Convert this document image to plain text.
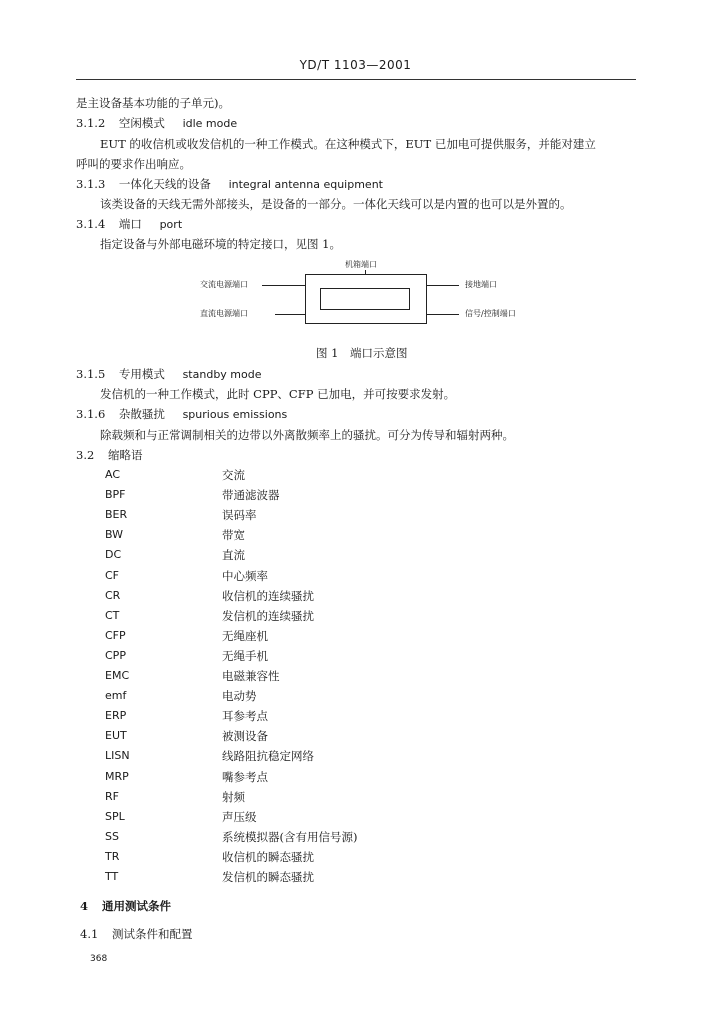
YD/T 1103—2001
是主设备基本功能的子单元)。
3.1.2 空闲模式 idle mode
EUT 的收信机或收发信机的一种工作模式。在这种模式下，EUT 已加电可提供服务，并能对建立
呼叫的要求作出响应。
3.1.3 一体化天线的设备 integral antenna equipment
该类设备的天线无需外部接头，是设备的一部分。一体化天线可以是内置的也可以是外置的。
3.1.4 端口 port
指定设备与外部电磁环境的特定接口，见图 1。
机箱端口
交流电源端口
直流电源端口
接地端口
信号/控制端口
图 1　端口示意图
3.1.5 专用模式 standby mode
发信机的一种工作模式，此时 CPP、CFP 已加电，并可按要求发射。
3.1.6 杂散骚扰 spurious emissions
除载频和与正常调制相关的边带以外离散频率上的骚扰。可分为传导和辐射两种。
3.2 缩略语
AC	交流
BPF	带通滤波器
BER	误码率
BW	带宽
DC	直流
CF	中心频率
CR	收信机的连续骚扰
CT	发信机的连续骚扰
CFP	无绳座机
CPP	无绳手机
EMC	电磁兼容性
emf	电动势
ERP	耳参考点
EUT	被测设备
LISN	线路阻抗稳定网络
MRP	嘴参考点
RF	射频
SPL	声压级
SS	系统模拟器(含有用信号源)
TR	收信机的瞬态骚扰
TT	发信机的瞬态骚扰
4 通用测试条件
4.1 测试条件和配置
368
